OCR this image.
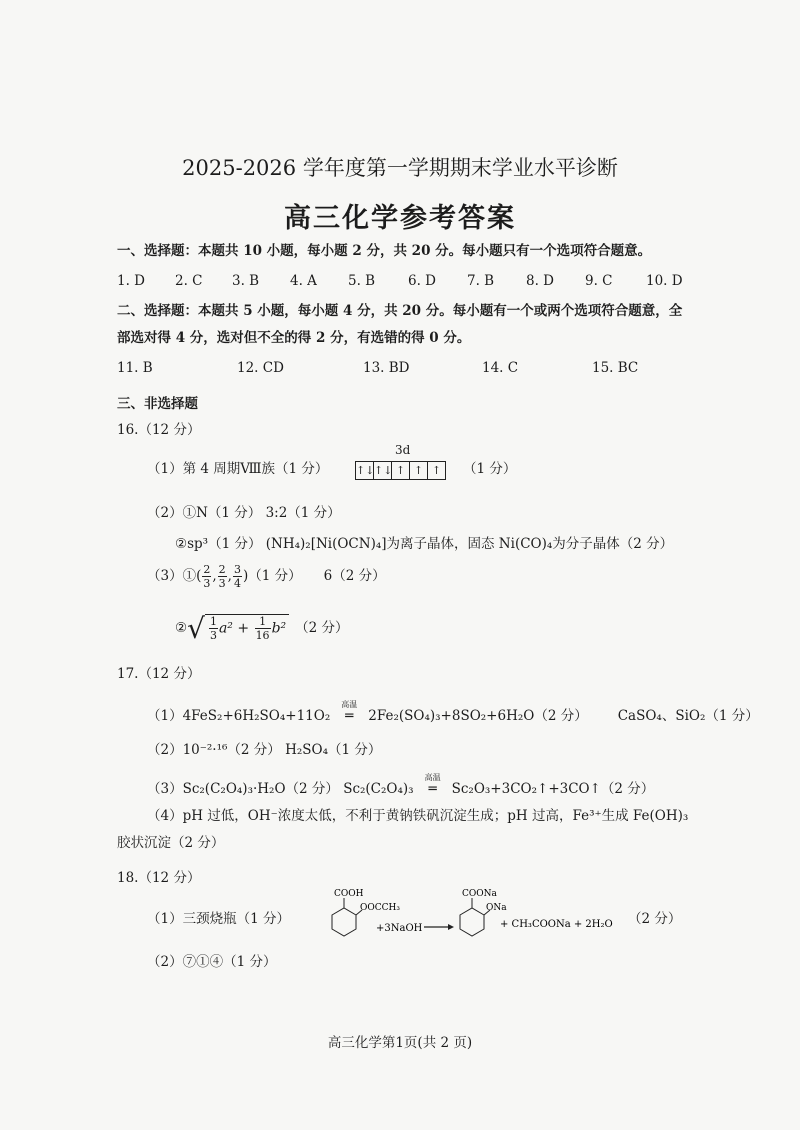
2025-2026 学年度第一学期期末学业水平诊断
高三化学参考答案
一、选择题：本题共 10 小题，每小题 2 分，共 20 分。每小题只有一个选项符合题意。
1. D 2. C 3. B 4. A 5. B 6. D 7. B 8. D 9. C 10. D
二、选择题：本题共 5 小题，每小题 4 分，共 20 分。每小题有一个或两个选项符合题意，全
部选对得 4 分，选对但不全的得 2 分，有选错的得 0 分。
11. B	12. CD	13. BD	14. C	15. BC
三、非选择题
16.（12 分）
（1）第 4 周期Ⅷ族（1 分）
3d
↑↓ ↑↓ ↑ ↑ ↑ （1 分）
（2）①N（1 分） 3:2（1 分）
②sp³（1 分） (NH₄)₂[Ni(OCN)₄]为离子晶体，固态 Ni(CO)₄为分子晶体（2 分）
（3）①( $\frac{2}{3}$ , $\frac{2}{3}$ , $\frac{3}{4} )(1$ 分） 6（2 分）
②√ $\frac{1}{3} a^2 + \frac{1}{16} b^2$ （2 分）
17.（12 分）
（1）4FeS₂+6H₂SO₄+11O₂
高温
═ 2Fe₂(SO₄)₃+8SO₂+6H₂O（2 分） CaSO₄、SiO₂（1 分）
（2）10⁻²·¹⁶（2 分） H₂SO₄（1 分）
（3）Sc₂(C₂O₄)₃·H₂O（2 分） Sc₂(C₂O₄)₃
高温
═ Sc₂O₃+3CO₂↑+3CO↑（2 分）
（4）pH 过低，OH⁻浓度太低，不利于黄钠铁矾沉淀生成；pH 过高，Fe³⁺生成 Fe(OH)₃
胶状沉淀（2 分）
18.（12 分）
（1）三颈烧瓶（1 分）
COOH
OOCCH₃
+3NaOH
COONa
ONa
+ CH₃COONa + 2H₂O （2 分）
（2）⑦①④（1 分）
高三化学第1页(共 2 页)
